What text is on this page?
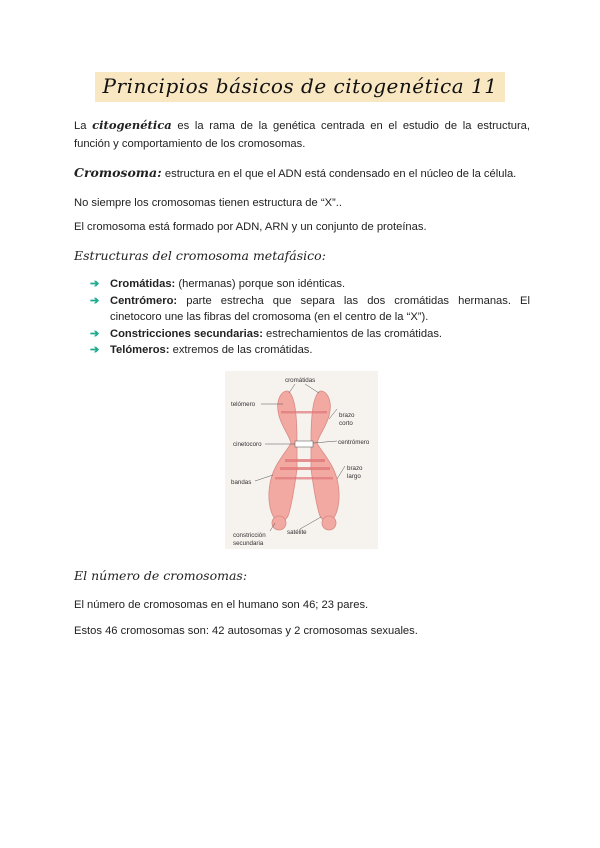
Principios básicos de citogenética 11
La citogenética es la rama de la genética centrada en el estudio de la estructura, función y comportamiento de los cromosomas.
Cromosoma: estructura en el que el ADN está condensado en el núcleo de la célula.
No siempre los cromosomas tienen estructura de “X”..
El cromosoma está formado por ADN, ARN y un conjunto de proteínas.
Estructuras del cromosoma metafásico:
➔ Cromátidas: (hermanas) porque son idénticas.
➔ Centrómero: parte estrecha que separa las dos cromátidas hermanas. El cinetocoro une las fibras del cromosoma (en el centro de la “X”).
➔ Constricciones secundarias: estrechamientos de las cromátidas.
➔ Telómeros: extremos de las cromátidas.
cromátidas
telómero
brazo
corto
cinetocoro	centrómero
brazo
largo
bandas
satélite
constricción
secundaria
El número de cromosomas:
El número de cromosomas en el humano son 46; 23 pares.
Estos 46 cromosomas son: 42 autosomas y 2 cromosomas sexuales.
